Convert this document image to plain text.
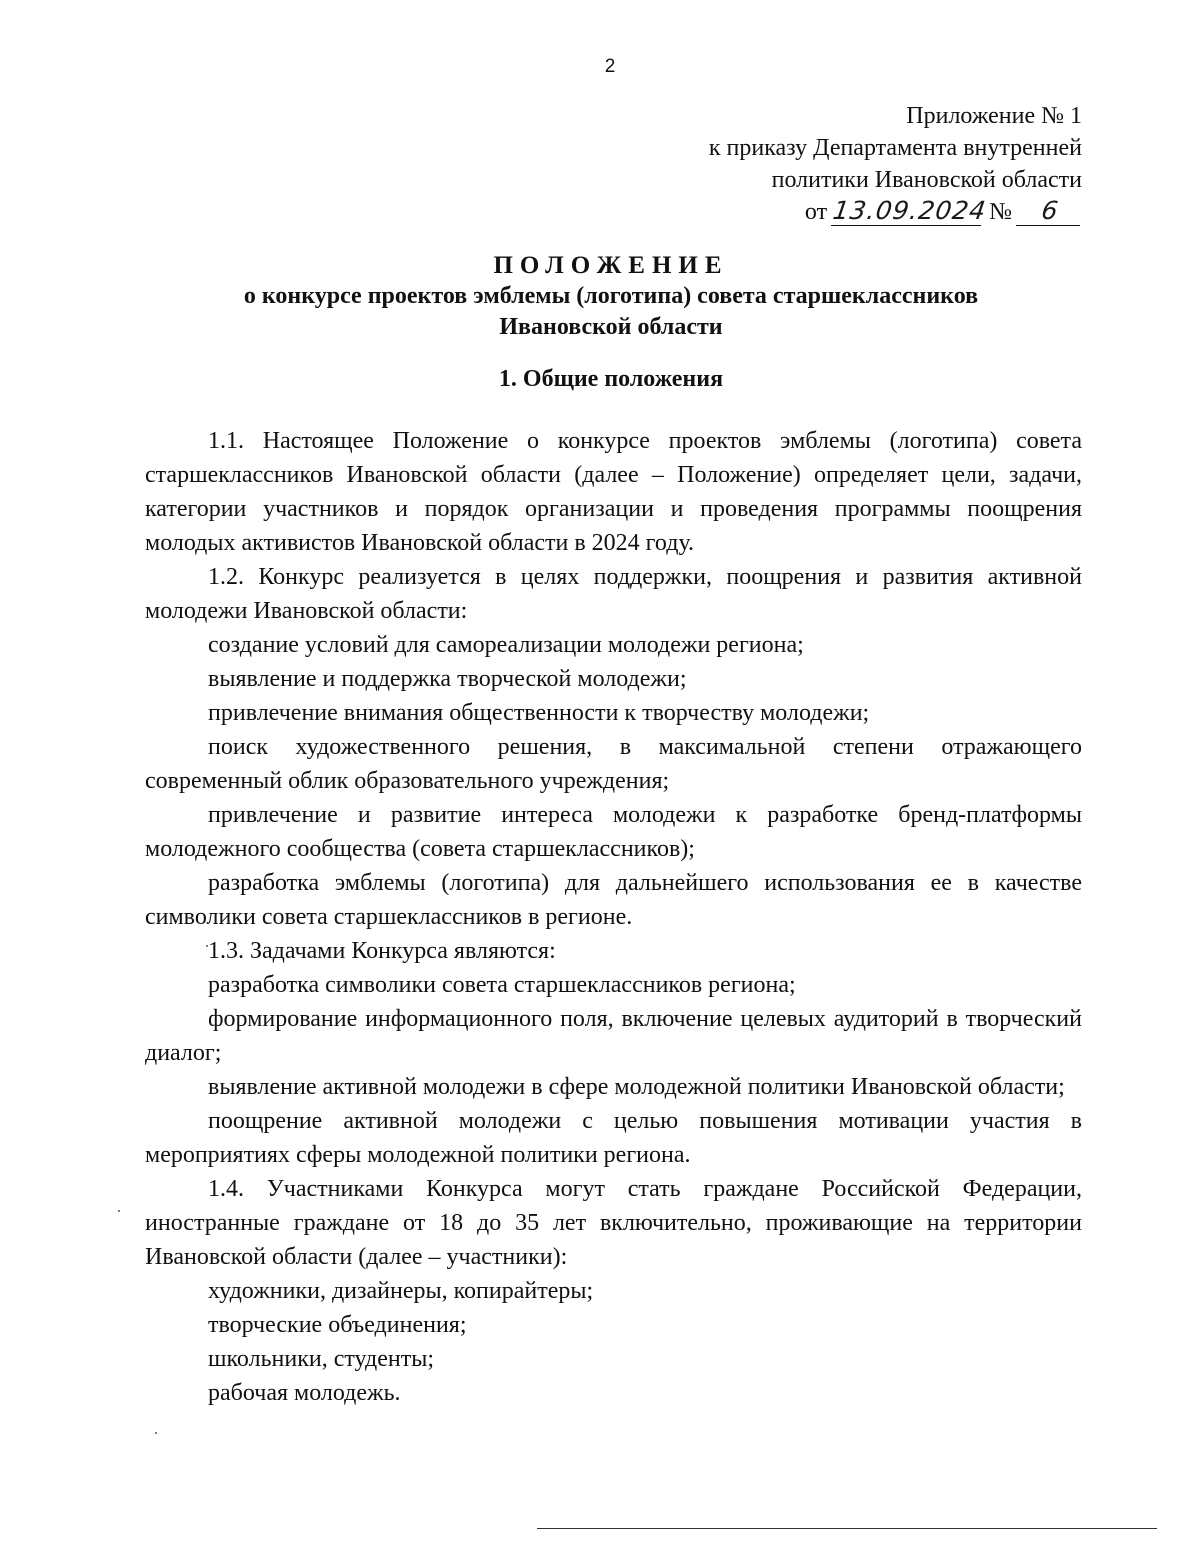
2
Приложение № 1
к приказу Департамента внутренней
политики Ивановской области
от 13.09.2024 № 6
ПОЛОЖЕНИЕ
о конкурсе проектов эмблемы (логотипа) совета старшеклассников
Ивановской области
1. Общие положения
1.1. Настоящее Положение о конкурсе проектов эмблемы (логотипа) совета старшеклассников Ивановской области (далее – Положение) определяет цели, задачи, категории участников и порядок организации и проведения программы поощрения молодых активистов Ивановской области в 2024 году.
1.2. Конкурс реализуется в целях поддержки, поощрения и развития активной молодежи Ивановской области:
создание условий для самореализации молодежи региона;
выявление и поддержка творческой молодежи;
привлечение внимания общественности к творчеству молодежи;
поиск художественного решения, в максимальной степени отражающего современный облик образовательного учреждения;
привлечение и развитие интереса молодежи к разработке бренд-платформы молодежного сообщества (совета старшеклассников);
разработка эмблемы (логотипа) для дальнейшего использования ее в качестве символики совета старшеклассников в регионе.
1.3. Задачами Конкурса являются:
разработка символики совета старшеклассников региона;
формирование информационного поля, включение целевых аудиторий в творческий диалог;
выявление активной молодежи в сфере молодежной политики Ивановской области;
поощрение активной молодежи с целью повышения мотивации участия в мероприятиях сферы молодежной политики региона.
1.4. Участниками Конкурса могут стать граждане Российской Федерации, иностранные граждане от 18 до 35 лет включительно, проживающие на территории Ивановской области (далее – участники):
художники, дизайнеры, копирайтеры;
творческие объединения;
школьники, студенты;
рабочая молодежь.
